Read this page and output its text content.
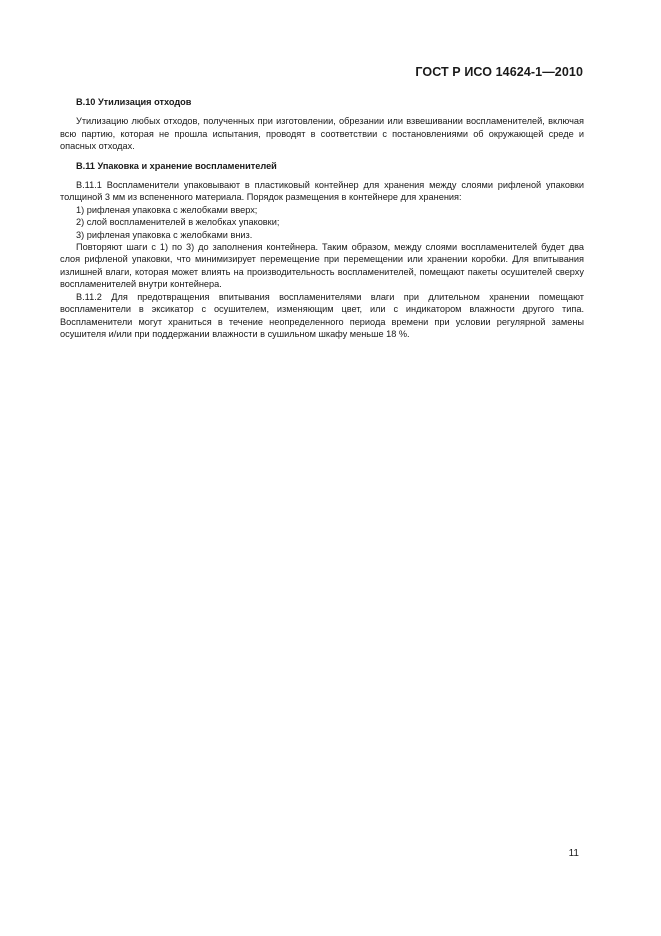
ГОСТ Р ИСО 14624-1—2010

В.10 Утилизация отходов

Утилизацию любых отходов, полученных при изготовлении, обрезании или взвешивании воспламенителей, включая всю партию, которая не прошла испытания, проводят в соответствии с постановлениями об окружающей среде и опасных отходах.

В.11 Упаковка и хранение воспламенителей

В.11.1 Воспламенители упаковывают в пластиковый контейнер для хранения между слоями рифленой упаковки толщиной 3 мм из вспененного материала. Порядок размещения в контейнере для хранения:

1) рифленая упаковка с желобками вверх;

2) слой воспламенителей в желобках упаковки;

3) рифленая упаковка с желобками вниз.

Повторяют шаги с 1) по 3) до заполнения контейнера. Таким образом, между слоями воспламенителей будет два слоя рифленой упаковки, что минимизирует перемещение при перемещении или хранении коробки. Для впитывания излишней влаги, которая может влиять на производительность воспламенителей, помещают пакеты осушителей сверху воспламенителей внутри контейнера.

В.11.2 Для предотвращения впитывания воспламенителями влаги при длительном хранении помещают воспламенители в эксикатор с осушителем, изменяющим цвет, или с индикатором влажности другого типа. Воспламенители могут храниться в течение неопределенного периода времени при условии регулярной замены осушителя и/или при поддержании влажности в сушильном шкафу меньше 18 %.

11
